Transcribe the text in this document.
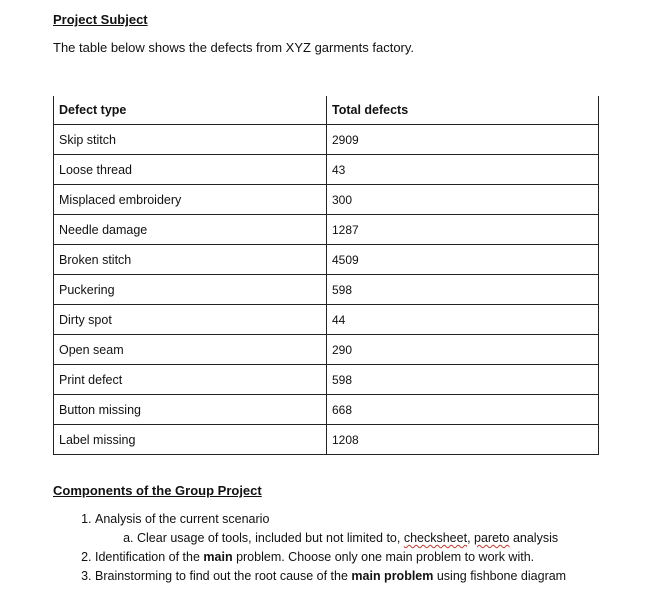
Project Subject
The table below shows the defects from XYZ garments factory.
Defect type	Total defects
Skip stitch	2909
Loose thread	43
Misplaced embroidery	300
Needle damage	1287
Broken stitch	4509
Puckering	598
Dirty spot	44
Open seam	290
Print defect	598
Button missing	668
Label missing	1208
Components of the Group Project
1. Analysis of the current scenario
a. Clear usage of tools, included but not limited to, checksheet, pareto analysis
2. Identification of the main problem. Choose only one main problem to work with.
3. Brainstorming to find out the root cause of the main problem using fishbone diagram
